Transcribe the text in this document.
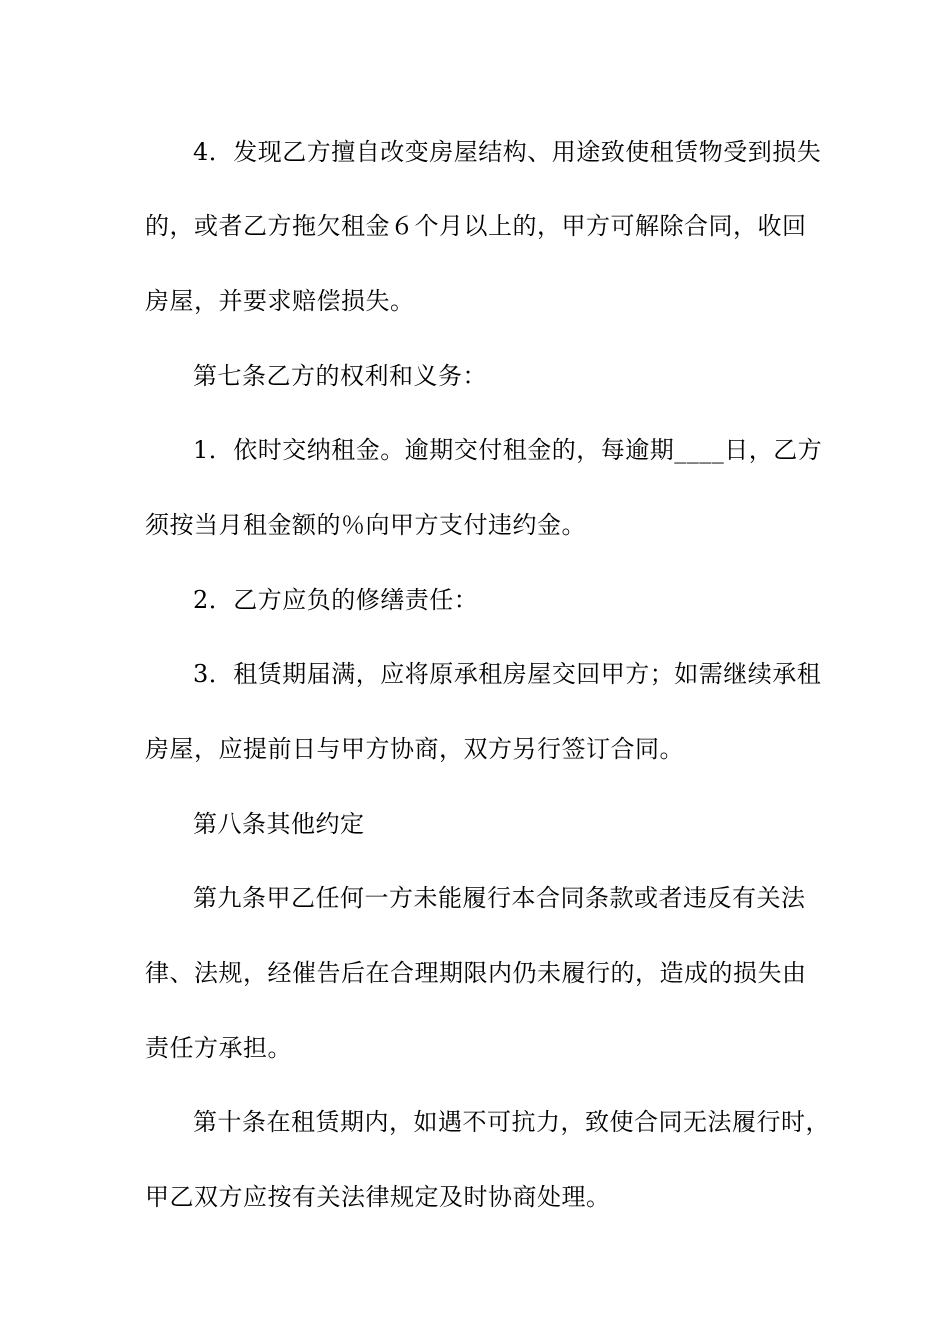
4．发现乙方擅自改变房屋结构、用途致使租赁物受到损失
的，或者乙方拖欠租金６个月以上的，甲方可解除合同，收回
房屋，并要求赔偿损失。
第七条乙方的权利和义务：
1．依时交纳租金。逾期交付租金的，每逾期____日，乙方
须按当月租金额的％向甲方支付违约金。
2．乙方应负的修缮责任：
3．租赁期届满，应将原承租房屋交回甲方；如需继续承租
房屋，应提前日与甲方协商，双方另行签订合同。
第八条其他约定
第九条甲乙任何一方未能履行本合同条款或者违反有关法
律、法规，经催告后在合理期限内仍未履行的，造成的损失由
责任方承担。
第十条在租赁期内，如遇不可抗力，致使合同无法履行时，
甲乙双方应按有关法律规定及时协商处理。
